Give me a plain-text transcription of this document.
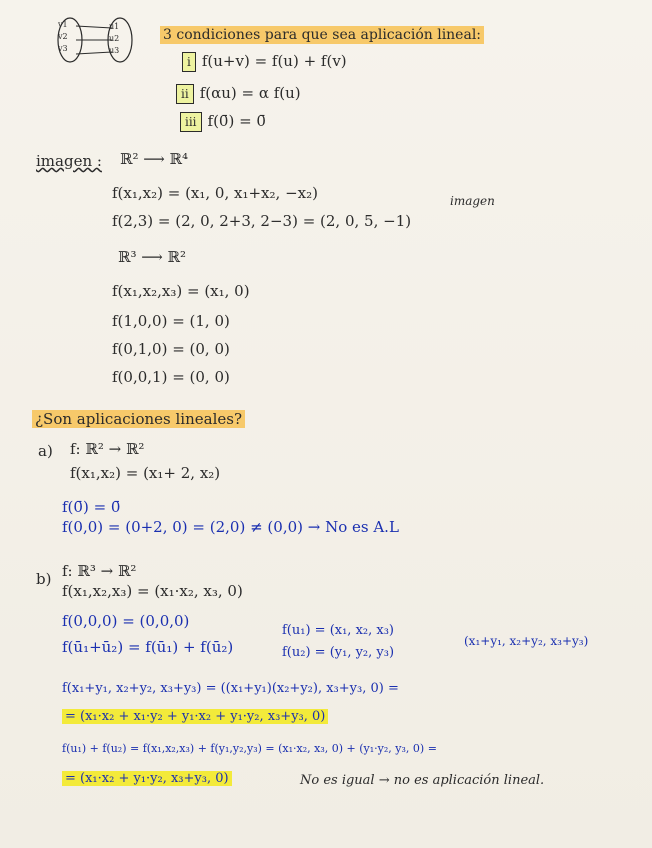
v1
v2
v3
u1
u2
u3
3 condiciones para que sea aplicación lineal:
i f(u+v) = f(u) + f(v)
ii f(αu) = α f(u)
iii f(0̄) = 0̄
imagen : ℝ² ⟶ ℝ⁴
f(x₁,x₂) = (x₁, 0, x₁+x₂, −x₂)	imagen
f(2,3) = (2, 0, 2+3, 2−3) = (2, 0, 5, −1)
ℝ³ ⟶ ℝ²
f(x₁,x₂,x₃) = (x₁, 0)
f(1,0,0) = (1, 0)
f(0,1,0) = (0, 0)
f(0,0,1) = (0, 0)
¿Son aplicaciones lineales?
a) f: ℝ² → ℝ²
f(x₁,x₂) = (x₁+ 2, x₂)
f(0̄) = 0̄
f(0,0) = (0+2, 0) = (2,0) ≠ (0,0) → No es A.L
b) f: ℝ³ → ℝ²
f(x₁,x₂,x₃) = (x₁·x₂, x₃, 0)
f(0,0,0) = (0,0,0)
f(ū₁+ū₂) = f(ū₁) + f(ū₂)
f(u₁) = (x₁, x₂, x₃)
f(u₂) = (y₁, y₂, y₃)
(x₁+y₁, x₂+y₂, x₃+y₃)
f(x₁+y₁, x₂+y₂, x₃+y₃) = ((x₁+y₁)(x₂+y₂), x₃+y₃, 0) =
= (x₁·x₂ + x₁·y₂ + y₁·x₂ + y₁·y₂, x₃+y₃, 0)
f(u₁) + f(u₂) = f(x₁,x₂,x₃) + f(y₁,y₂,y₃) = (x₁·x₂, x₃, 0) + (y₁·y₂, y₃, 0) =
= (x₁·x₂ + y₁·y₂, x₃+y₃, 0)	No es igual → no es aplicación lineal.
